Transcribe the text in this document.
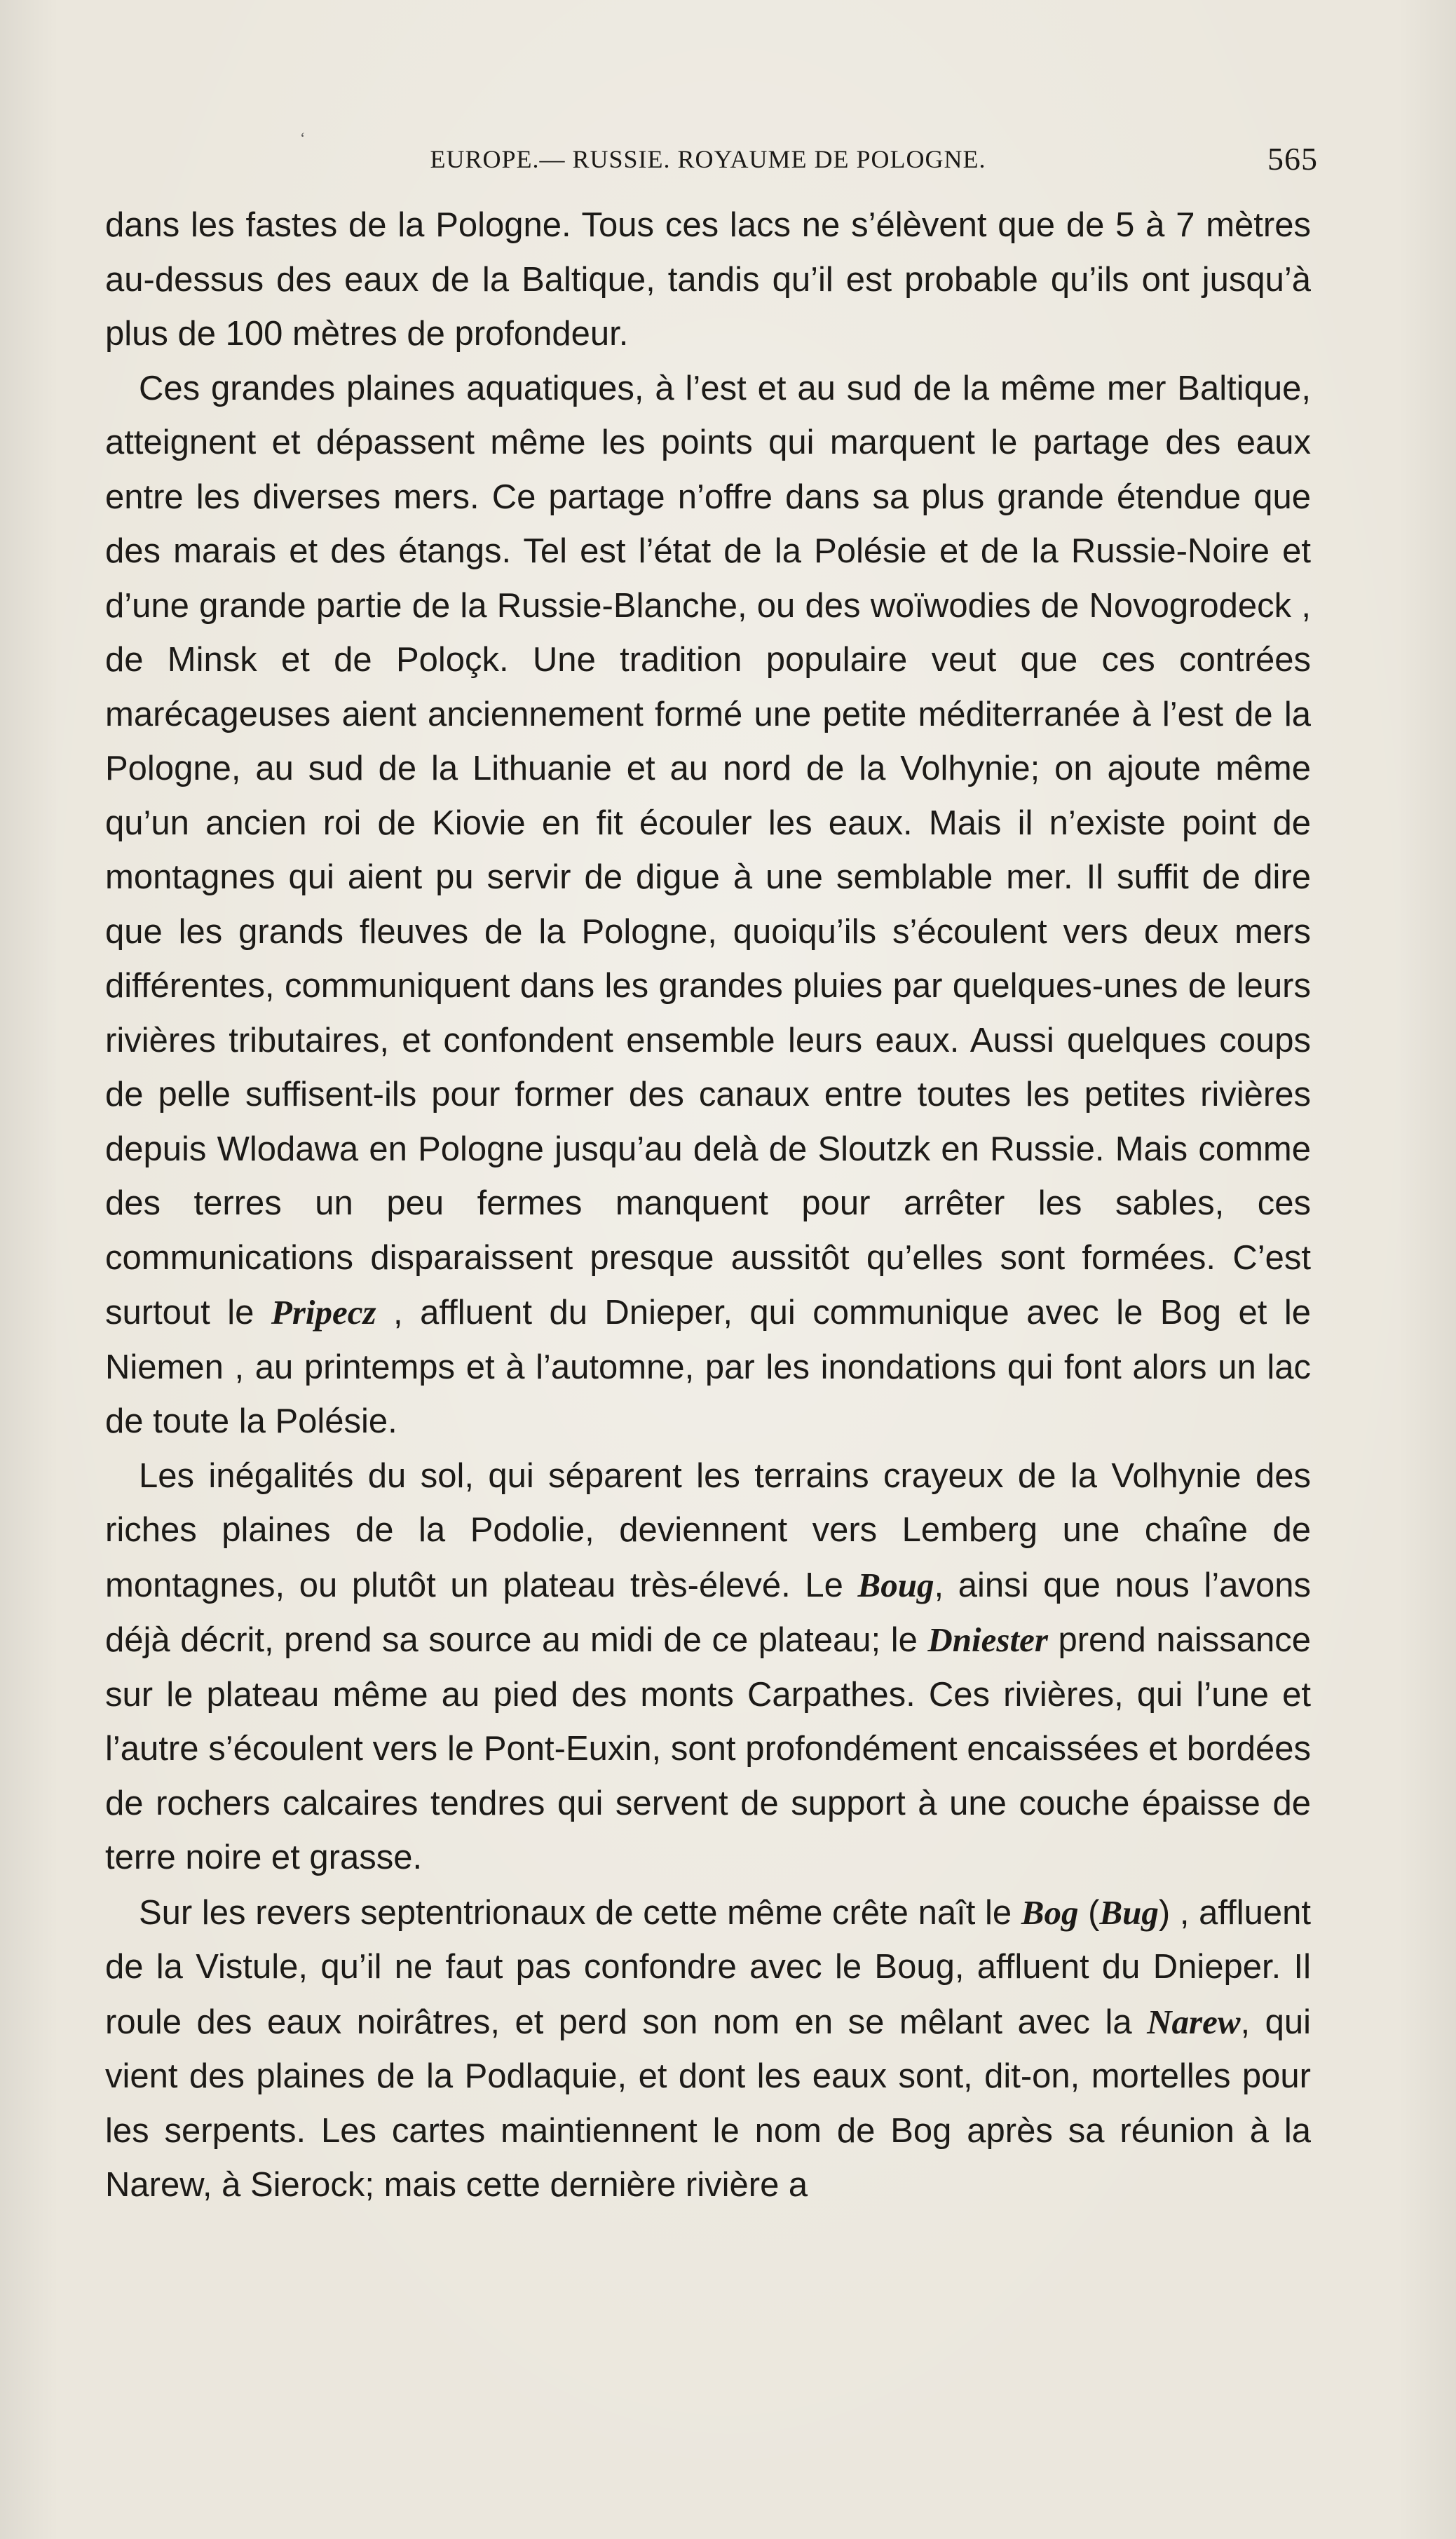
‘
EUROPE.— RUSSIE. ROYAUME DE POLOGNE.	565

dans les fastes de la Pologne. Tous ces lacs ne s’élèvent que de 5 à 7 mètres au-dessus des eaux de la Baltique, tandis qu’il est probable qu’ils ont jusqu’à plus de 100 mètres de profondeur.

Ces grandes plaines aquatiques, à l’est et au sud de la même mer Baltique, atteignent et dépassent même les points qui marquent le partage des eaux entre les diverses mers. Ce partage n’offre dans sa plus grande étendue que des marais et des étangs. Tel est l’état de la Polésie et de la Russie-Noire et d’une grande partie de la Russie-Blanche, ou des woïwodies de Novogrodeck , de Minsk et de Poloçk. Une tradition populaire veut que ces contrées marécageuses aient anciennement formé une petite méditerranée à l’est de la Pologne, au sud de la Lithuanie et au nord de la Volhynie; on ajoute même qu’un ancien roi de Kiovie en fit écouler les eaux. Mais il n’existe point de montagnes qui aient pu servir de digue à une semblable mer. Il suffit de dire que les grands fleuves de la Pologne, quoiqu’ils s’écoulent vers deux mers différentes, communiquent dans les grandes pluies par quelques-unes de leurs rivières tributaires, et confondent ensemble leurs eaux. Aussi quelques coups de pelle suffisent-ils pour former des canaux entre toutes les petites rivières depuis Wlodawa en Pologne jusqu’au delà de Sloutzk en Russie. Mais comme des terres un peu fermes manquent pour arrêter les sables, ces communications disparaissent presque aussitôt qu’elles sont formées. C’est surtout le Pripecz , affluent du Dnieper, qui communique avec le Bog et le Niemen , au printemps et à l’automne, par les inondations qui font alors un lac de toute la Polésie.

Les inégalités du sol, qui séparent les terrains crayeux de la Volhynie des riches plaines de la Podolie, deviennent vers Lemberg une chaîne de montagnes, ou plutôt un plateau très-élevé. Le Boug, ainsi que nous l’avons déjà décrit, prend sa source au midi de ce plateau; le Dniester prend naissance sur le plateau même au pied des monts Carpathes. Ces rivières, qui l’une et l’autre s’écoulent vers le Pont-Euxin, sont profondément encaissées et bordées de rochers calcaires tendres qui servent de support à une couche épaisse de terre noire et grasse.

Sur les revers septentrionaux de cette même crête naît le Bog (Bug) , affluent de la Vistule, qu’il ne faut pas confondre avec le Boug, affluent du Dnieper. Il roule des eaux noirâtres, et perd son nom en se mêlant avec la Narew, qui vient des plaines de la Podlaquie, et dont les eaux sont, dit-on, mortelles pour les serpents. Les cartes maintiennent le nom de Bog après sa réunion à la Narew, à Sierock; mais cette dernière rivière a
